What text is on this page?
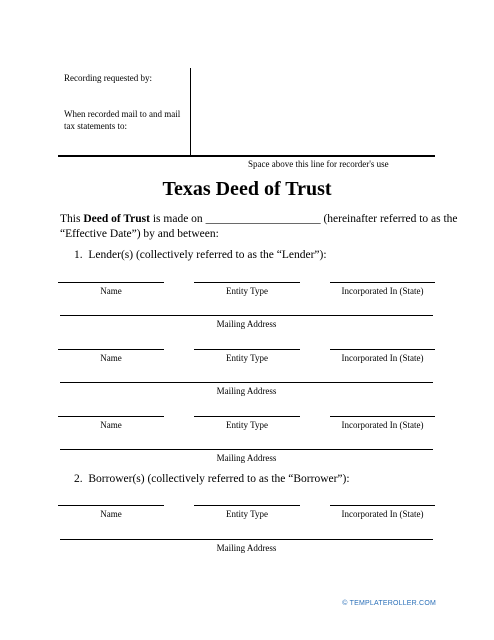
Recording requested by:
When recorded mail to and mail tax statements to:
Space above this line for recorder's use
Texas Deed of Trust
This Deed of Trust is made on ____________________ (hereinafter referred to as the
“Effective Date”) by and between:
1.  Lender(s) (collectively referred to as the “Lender”):
Name	Entity Type	Incorporated In (State)
Mailing Address
Name	Entity Type	Incorporated In (State)
Mailing Address
Name	Entity Type	Incorporated In (State)
Mailing Address
2.  Borrower(s) (collectively referred to as the “Borrower”):
Name	Entity Type	Incorporated In (State)
Mailing Address
© TEMPLATEROLLER.COM
